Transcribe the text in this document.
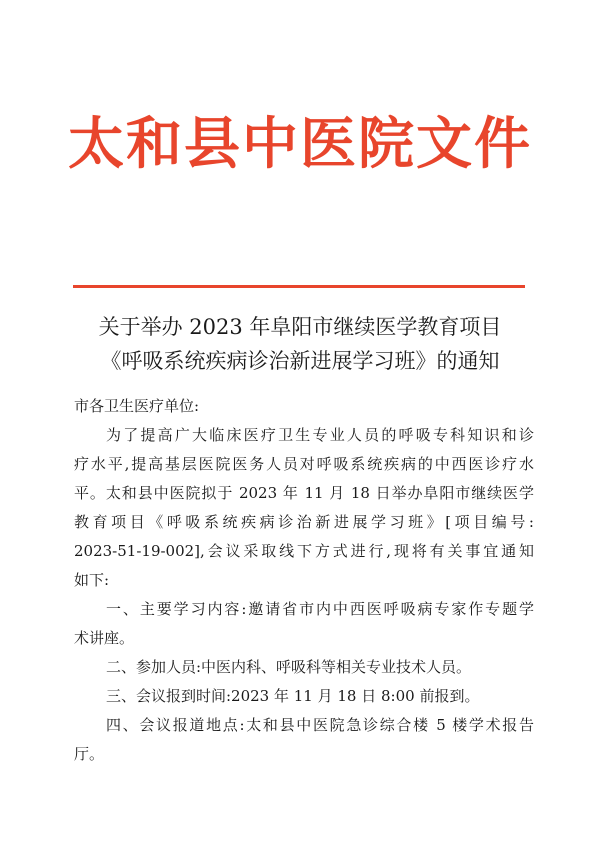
太和县中医院文件
关于举办 2023 年阜阳市继续医学教育项目
《呼吸系统疾病诊治新进展学习班》的通知
市各卫生医疗单位:
为了提高广大临床医疗卫生专业人员的呼吸专科知识和诊
疗水平,提高基层医院医务人员对呼吸系统疾病的中西医诊疗水
平。太和县中医院拟于 2023 年 11 月 18 日举办阜阳市继续医学
教育项目《呼吸系统疾病诊治新进展学习班》[项目编号:
2023-51-19-002],会议采取线下方式进行,现将有关事宜通知
如下:
一、主要学习内容:邀请省市内中西医呼吸病专家作专题学
术讲座。
二、参加人员:中医内科、呼吸科等相关专业技术人员。
三、会议报到时间:2023 年 11 月 18 日 8:00 前报到。
四、会议报道地点:太和县中医院急诊综合楼 5 楼学术报告
厅。
